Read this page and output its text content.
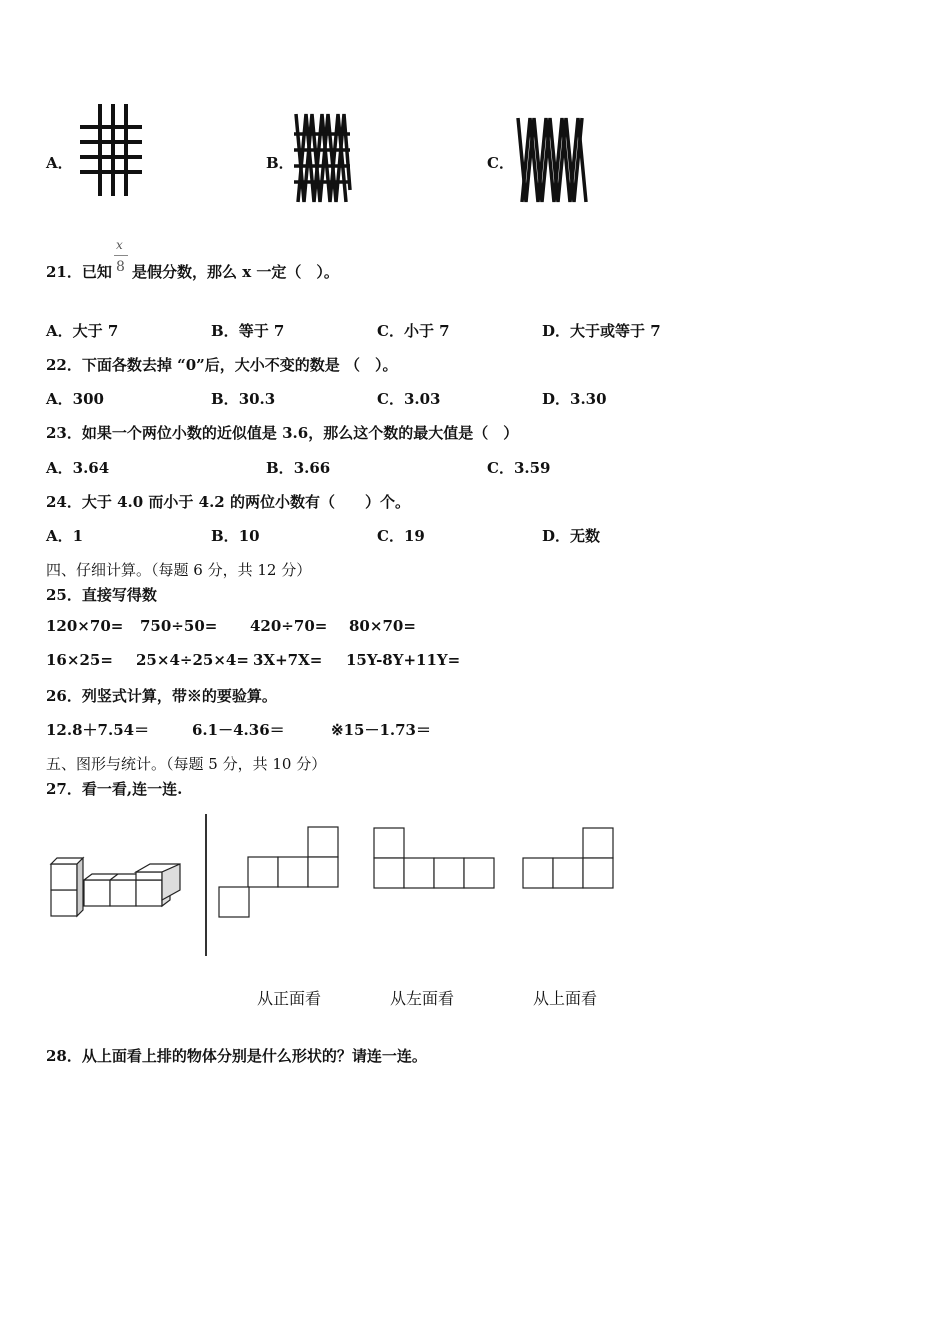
A．	B．	C．
21．已知
x
8 是假分数，那么 x 一定（　）。
A．大于 7	B．等于 7	C．小于 7	D．大于或等于 7
22．下面各数去掉 “0”后，大小不变的数是 （　）。
A．300	B．30.3	C．3.03	D．3.30
23．如果一个两位小数的近似值是 3.6，那么这个数的最大值是（　）
A．3.64	B．3.66	C．3.59
24．大于 4.0 而小于 4.2 的两位小数有（　　）个。
A．1	B．10	C．19	D．无数
四、仔细计算。（每题 6 分，共 12 分）
25．直接写得数
120×70= 750÷50= 420÷70= 80×70=
16×25= 25×4÷25×4= 3X+7X= 15Y-8Y+11Y=
26．列竖式计算，带※的要验算。
12.8＋7.54＝	6.1－4.36＝	※15－1.73＝
五、图形与统计。（每题 5 分，共 10 分）
27．看一看,连一连.
从正面看	从左面看	从上面看
28．从上面看上排的物体分别是什么形状的？请连一连。
